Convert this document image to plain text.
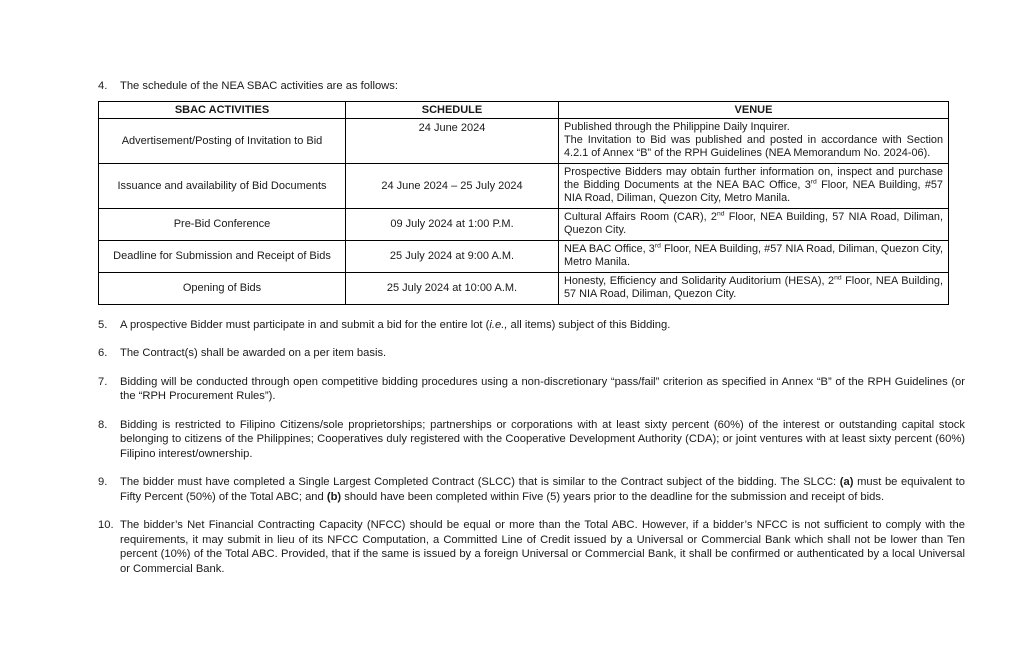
4.	The schedule of the NEA SBAC activities are as follows:
SBAC ACTIVITIES	SCHEDULE	VENUE
Advertisement/Posting of Invitation to Bid	24 June 2024	Published through the Philippine Daily Inquirer.
The Invitation to Bid was published and posted in accordance with Section 4.2.1 of Annex “B” of the RPH Guidelines (NEA Memorandum No. 2024-06).
Issuance and availability of Bid Documents	24 June 2024 – 25 July 2024	Prospective Bidders may obtain further information on, inspect and purchase the Bidding Documents at the NEA BAC Office, 3rd Floor, NEA Building, #57 NIA Road, Diliman, Quezon City, Metro Manila.
Pre-Bid Conference	09 July 2024 at 1:00 P.M.	Cultural Affairs Room (CAR), 2nd Floor, NEA Building, 57 NIA Road, Diliman, Quezon City.
Deadline for Submission and Receipt of Bids	25 July 2024 at 9:00 A.M.	NEA BAC Office, 3rd Floor, NEA Building, #57 NIA Road, Diliman, Quezon City, Metro Manila.
Opening of Bids	25 July 2024 at 10:00 A.M.	Honesty, Efficiency and Solidarity Auditorium (HESA), 2nd Floor, NEA Building, 57 NIA Road, Diliman, Quezon City.
5.	A prospective Bidder must participate in and submit a bid for the entire lot (i.e., all items) subject of this Bidding.
6.	The Contract(s) shall be awarded on a per item basis.
7.	Bidding will be conducted through open competitive bidding procedures using a non-discretionary “pass/fail” criterion as specified in Annex “B” of the RPH Guidelines (or the “RPH Procurement Rules”).
8.	Bidding is restricted to Filipino Citizens/sole proprietorships; partnerships or corporations with at least sixty percent (60%) of the interest or outstanding capital stock belonging to citizens of the Philippines; Cooperatives duly registered with the Cooperative Development Authority (CDA); or joint ventures with at least sixty percent (60%) Filipino interest/ownership.
9.	The bidder must have completed a Single Largest Completed Contract (SLCC) that is similar to the Contract subject of the bidding. The SLCC: (a) must be equivalent to Fifty Percent (50%) of the Total ABC; and (b) should have been completed within Five (5) years prior to the deadline for the submission and receipt of bids.
10. The bidder’s Net Financial Contracting Capacity (NFCC) should be equal or more than the Total ABC. However, if a bidder’s NFCC is not sufficient to comply with the requirements, it may submit in lieu of its NFCC Computation, a Committed Line of Credit issued by a Universal or Commercial Bank which shall not be lower than Ten percent (10%) of the Total ABC. Provided, that if the same is issued by a foreign Universal or Commercial Bank, it shall be confirmed or authenticated by a local Universal or Commercial Bank.
